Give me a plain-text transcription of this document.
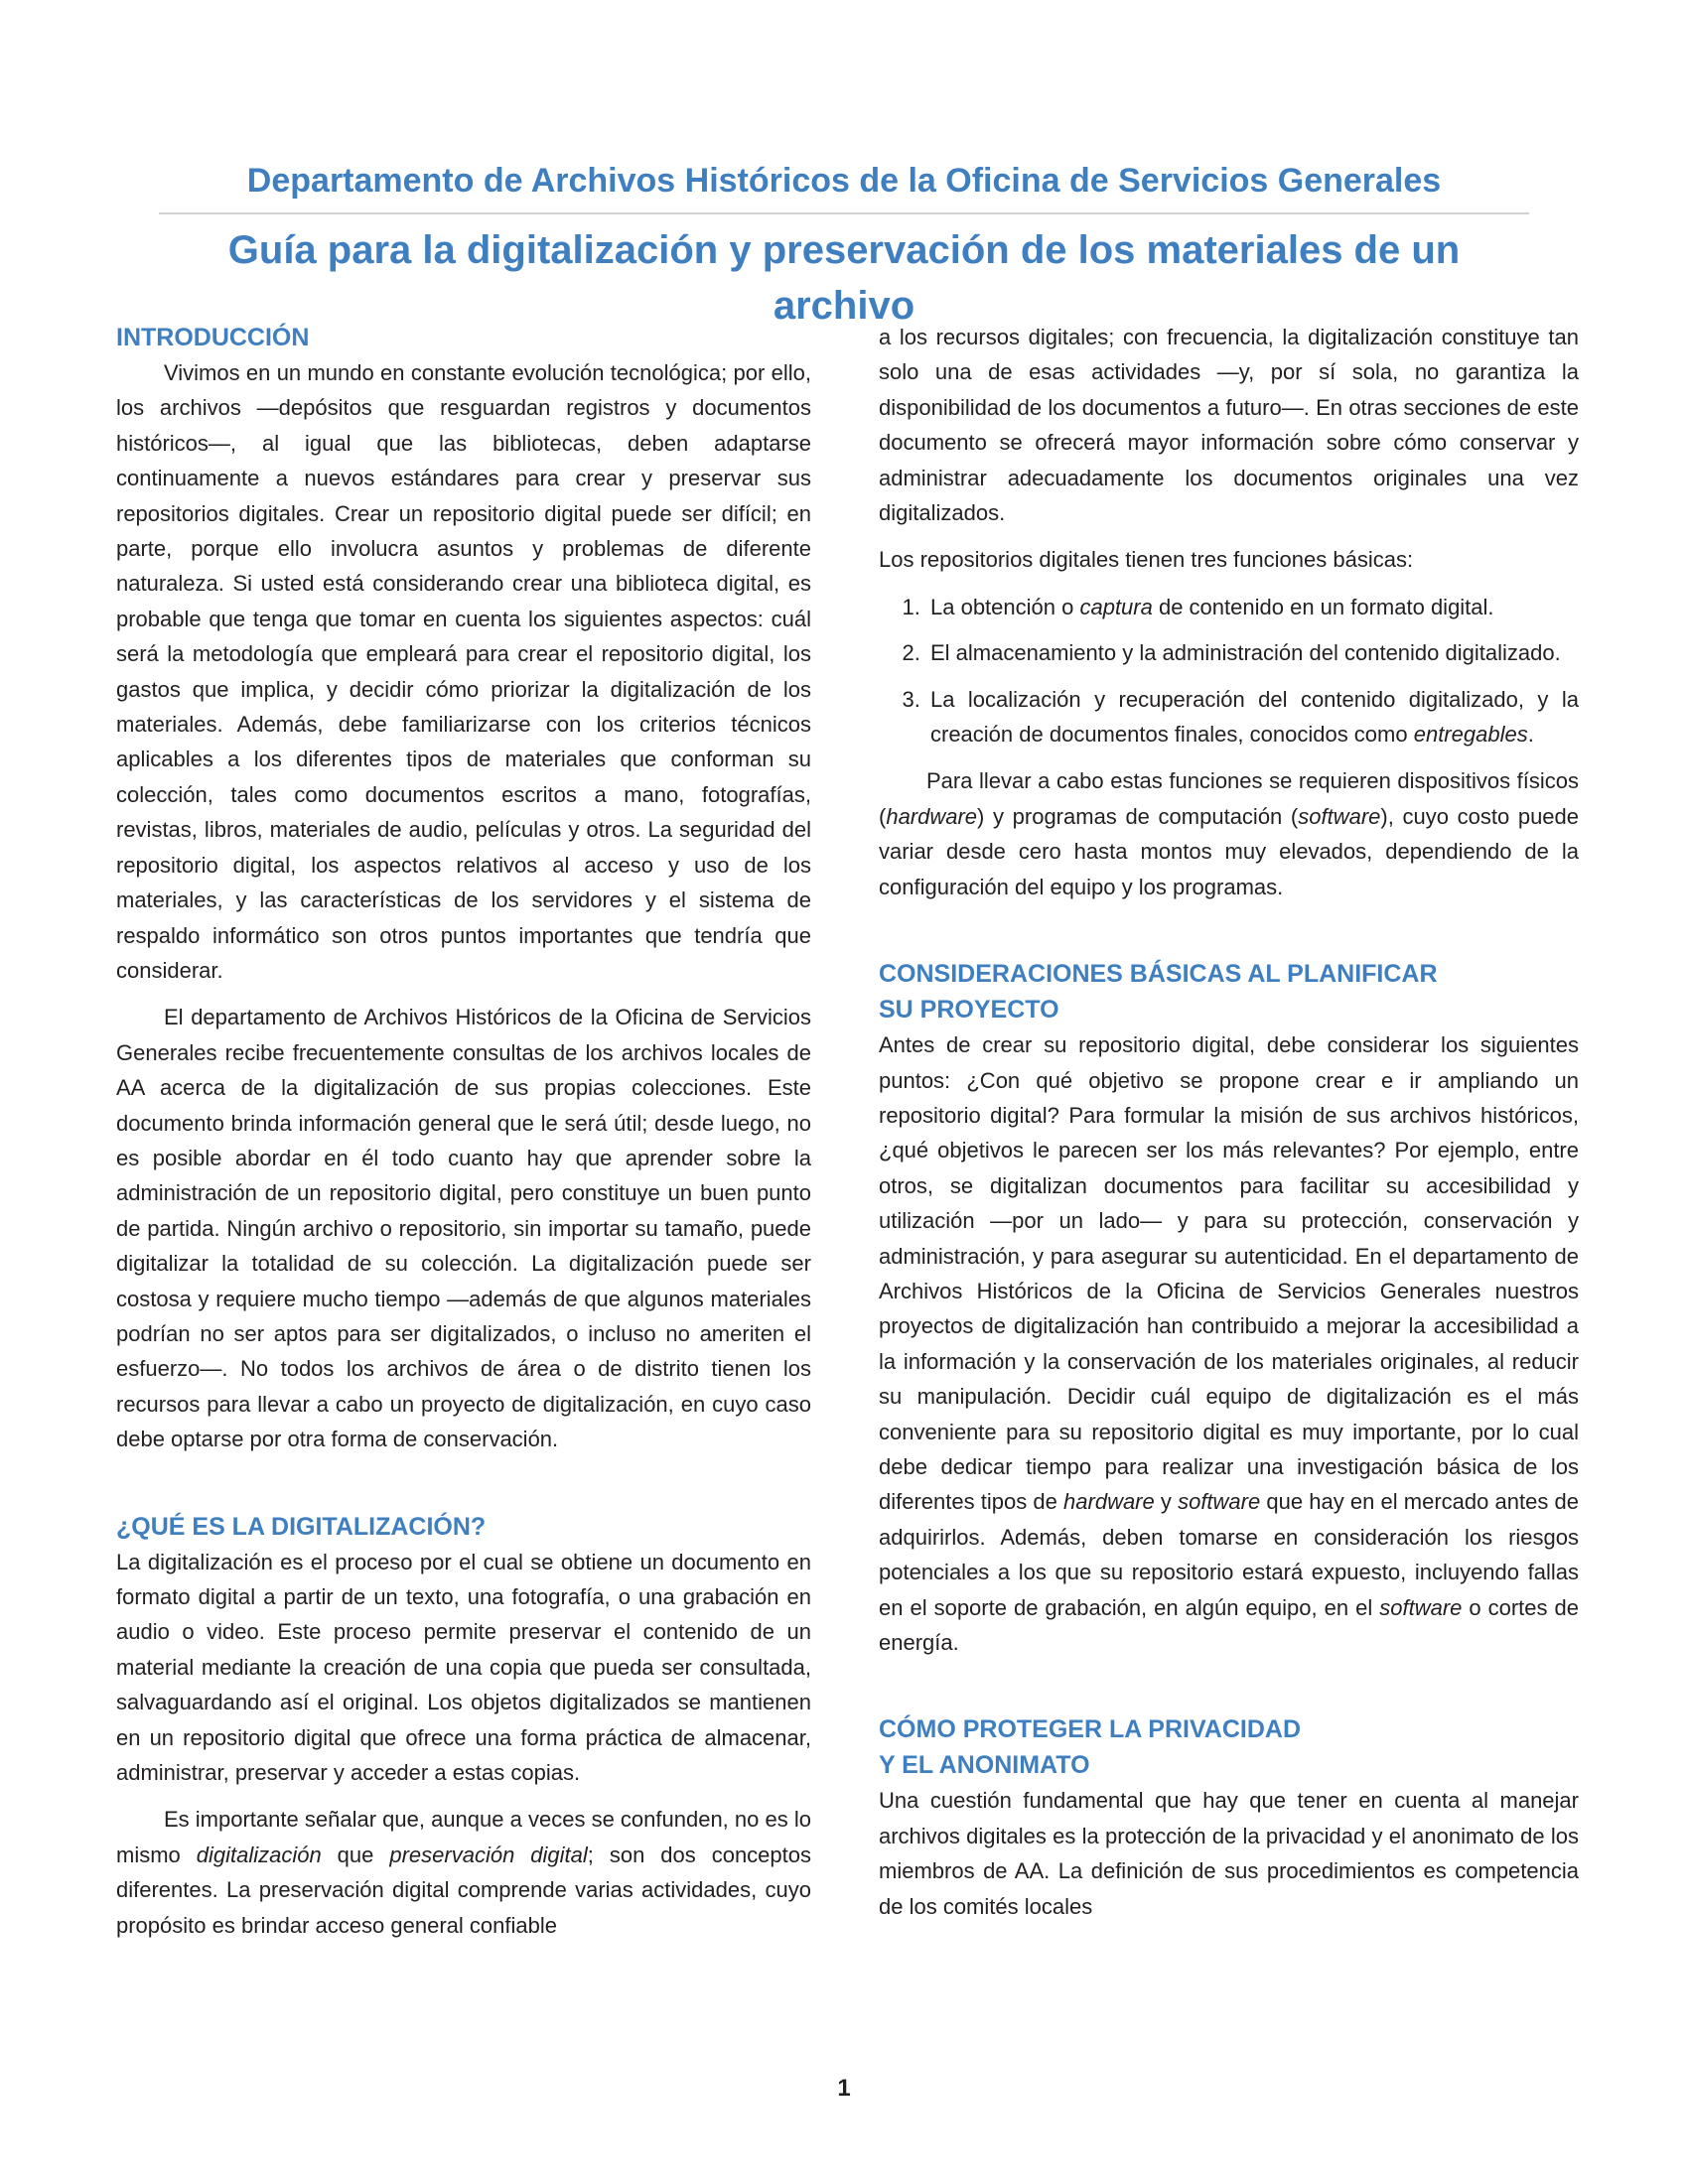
Departamento de Archivos Históricos de la Oficina de Servicios Generales
Guía para la digitalización y preservación de los materiales de un archivo
INTRODUCCIÓN

Vivimos en un mundo en constante evolución tecnológica; por ello, los archivos —depósitos que resguardan registros y documentos históricos—, al igual que las bibliotecas, deben adaptarse continuamente a nuevos estándares para crear y preservar sus repositorios digitales. Crear un repositorio digital puede ser difícil; en parte, porque ello involucra asuntos y problemas de diferente naturaleza. Si usted está considerando crear una biblioteca digital, es probable que tenga que tomar en cuenta los siguientes aspectos: cuál será la metodología que empleará para crear el repositorio digital, los gastos que implica, y decidir cómo priorizar la digitalización de los materiales. Además, debe familiarizarse con los criterios técnicos aplicables a los diferentes tipos de materiales que conforman su colección, tales como documentos escritos a mano, fotografías, revistas, libros, materiales de audio, películas y otros. La seguridad del repositorio digital, los aspectos relativos al acceso y uso de los materiales, y las características de los servidores y el sistema de respaldo informático son otros puntos importantes que tendría que considerar.

El departamento de Archivos Históricos de la Oficina de Servicios Generales recibe frecuentemente consultas de los archivos locales de AA acerca de la digitalización de sus propias colecciones. Este documento brinda información general que le será útil; desde luego, no es posible abordar en él todo cuanto hay que aprender sobre la administración de un repositorio digital, pero constituye un buen punto de partida. Ningún archivo o repositorio, sin importar su tamaño, puede digitalizar la totalidad de su colección. La digitalización puede ser costosa y requiere mucho tiempo —además de que algunos materiales podrían no ser aptos para ser digitalizados, o incluso no ameriten el esfuerzo—. No todos los archivos de área o de distrito tienen los recursos para llevar a cabo un proyecto de digitalización, en cuyo caso debe optarse por otra forma de conservación.

¿QUÉ ES LA DIGITALIZACIÓN?

La digitalización es el proceso por el cual se obtiene un documento en formato digital a partir de un texto, una fotografía, o una grabación en audio o video. Este proceso permite preservar el contenido de un material mediante la creación de una copia que pueda ser consultada, salvaguardando así el original. Los objetos digitalizados se mantienen en un repositorio digital que ofrece una forma práctica de almacenar, administrar, preservar y acceder a estas copias.

Es importante señalar que, aunque a veces se confunden, no es lo mismo digitalización que preservación digital; son dos conceptos diferentes. La preservación digital comprende varias actividades, cuyo propósito es brindar acceso general confiable

a los recursos digitales; con frecuencia, la digitalización constituye tan solo una de esas actividades —y, por sí sola, no garantiza la disponibilidad de los documentos a futuro—. En otras secciones de este documento se ofrecerá mayor información sobre cómo conservar y administrar adecuadamente los documentos originales una vez digitalizados.

Los repositorios digitales tienen tres funciones básicas:

1. La obtención o captura de contenido en un formato digital.
2. El almacenamiento y la administración del contenido digitalizado.
3. La localización y recuperación del contenido digitalizado, y la creación de documentos finales, conocidos como entregables.

Para llevar a cabo estas funciones se requieren dispositivos físicos (hardware) y programas de computación (software), cuyo costo puede variar desde cero hasta montos muy elevados, dependiendo de la configuración del equipo y los programas.

CONSIDERACIONES BÁSICAS AL PLANIFICAR
SU PROYECTO

Antes de crear su repositorio digital, debe considerar los siguientes puntos: ¿Con qué objetivo se propone crear e ir ampliando un repositorio digital? Para formular la misión de sus archivos históricos, ¿qué objetivos le parecen ser los más relevantes? Por ejemplo, entre otros, se digitalizan documentos para facilitar su accesibilidad y utilización —por un lado— y para su protección, conservación y administración, y para asegurar su autenticidad. En el departamento de Archivos Históricos de la Oficina de Servicios Generales nuestros proyectos de digitalización han contribuido a mejorar la accesibilidad a la información y la conservación de los materiales originales, al reducir su manipulación. Decidir cuál equipo de digitalización es el más conveniente para su repositorio digital es muy importante, por lo cual debe dedicar tiempo para realizar una investigación básica de los diferentes tipos de hardware y software que hay en el mercado antes de adquirirlos. Además, deben tomarse en consideración los riesgos potenciales a los que su repositorio estará expuesto, incluyendo fallas en el soporte de grabación, en algún equipo, en el software o cortes de energía.

CÓMO PROTEGER LA PRIVACIDAD
Y EL ANONIMATO

Una cuestión fundamental que hay que tener en cuenta al manejar archivos digitales es la protección de la privacidad y el anonimato de los miembros de AA. La definición de sus procedimientos es competencia de los comités locales

1
